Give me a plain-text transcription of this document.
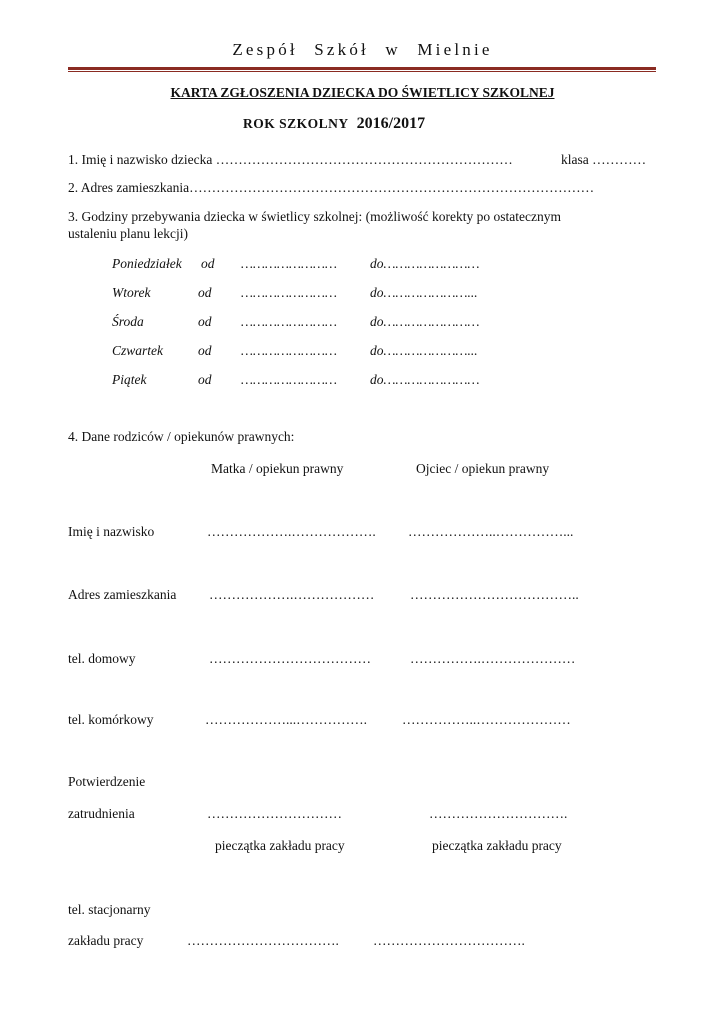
Zespół Szkół w Mielnie
KARTA ZGŁOSZENIA DZIECKA DO ŚWIETLICY SZKOLNEJ
ROK SZKOLNY 2016/2017
1. Imię i nazwisko dziecka …………………………………………………………	klasa …………
2. Adres zamieszkania………………………………………………………………………………
3. Godziny przebywania dziecka w świetlicy szkolnej: (możliwość korekty po ostatecznym
ustaleniu planu lekcji)
Poniedziałek od …………………… do……………………
Wtorek	od …………………… do…………………...
Środa	od …………………… do……………………
Czwartek	od …………………… do…………………...
Piątek	od …………………… do……………………
4. Dane rodziców / opiekunów prawnych:
Matka / opiekun prawny	Ojciec / opiekun prawny
Imię i nazwisko	……………….………………. ………………..……………...
Adres zamieszkania ……………….………………	………………………………..
tel. domowy	………………………………	…………….…………………
tel. komórkowy	………………...…………….	……………..…………………
Potwierdzenie
zatrudnienia	…………………………	………………………….
pieczątka zakładu pracy	pieczątka zakładu pracy
tel. stacjonarny
zakładu pracy	…………………………….	…………………………….
